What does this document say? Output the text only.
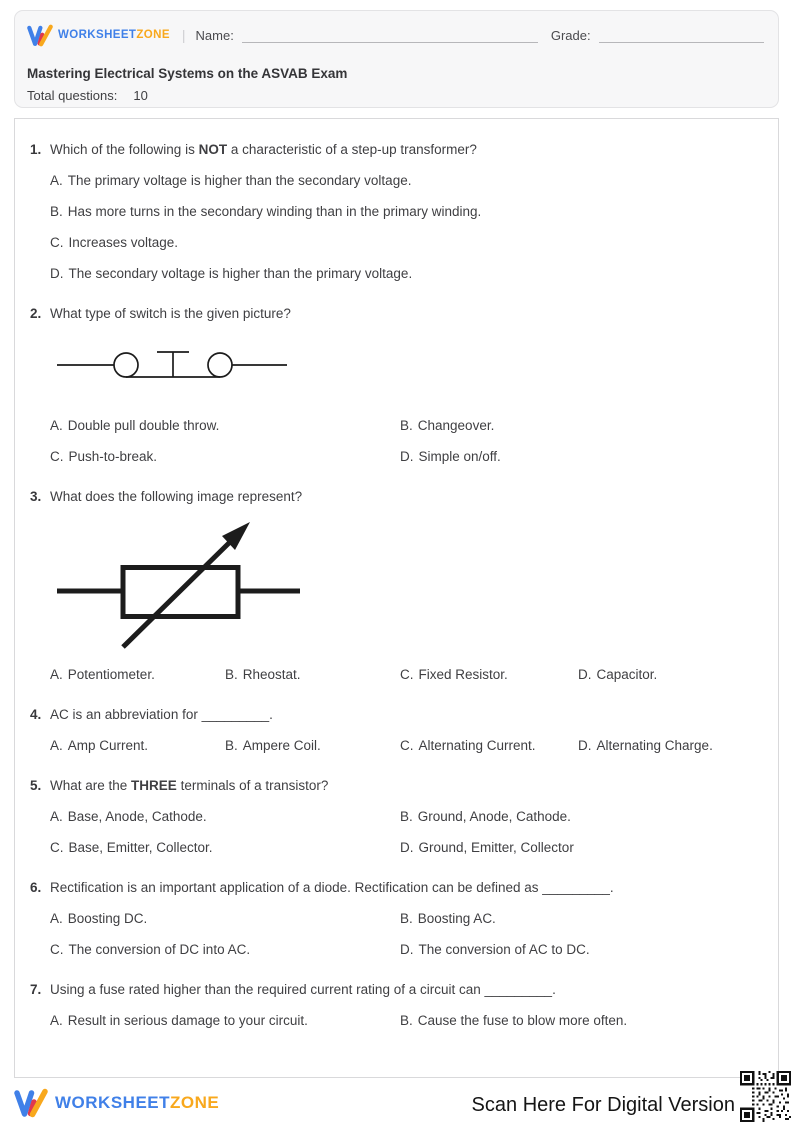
WORKSHEETZONE | Name:	Grade:
Mastering Electrical Systems on the ASVAB Exam
Total questions: 10
1. Which of the following is NOT a characteristic of a step-up transformer?
A. The primary voltage is higher than the secondary voltage.
B. Has more turns in the secondary winding than in the primary winding.
C. Increases voltage.
D. The secondary voltage is higher than the primary voltage.
2. What type of switch is the given picture?
A. Double pull double throw.	B. Changeover.
C. Push-to-break.	D. Simple on/off.
3. What does the following image represent?
A. Potentiometer.	B. Rheostat.	C. Fixed Resistor.	D. Capacitor.
4. AC is an abbreviation for _________.
A. Amp Current.	B. Ampere Coil.	C. Alternating Current.	D. Alternating Charge.
5. What are the THREE terminals of a transistor?
A. Base, Anode, Cathode.	B. Ground, Anode, Cathode.
C. Base, Emitter, Collector.	D. Ground, Emitter, Collector
6. Rectification is an important application of a diode. Rectification can be defined as _________.
A. Boosting DC.	B. Boosting AC.
C. The conversion of DC into AC.	D. The conversion of AC to DC.
7. Using a fuse rated higher than the required current rating of a circuit can _________.
A. Result in serious damage to your circuit.	B. Cause the fuse to blow more often.
WORKSHEETZONE	Scan Here For Digital Version
